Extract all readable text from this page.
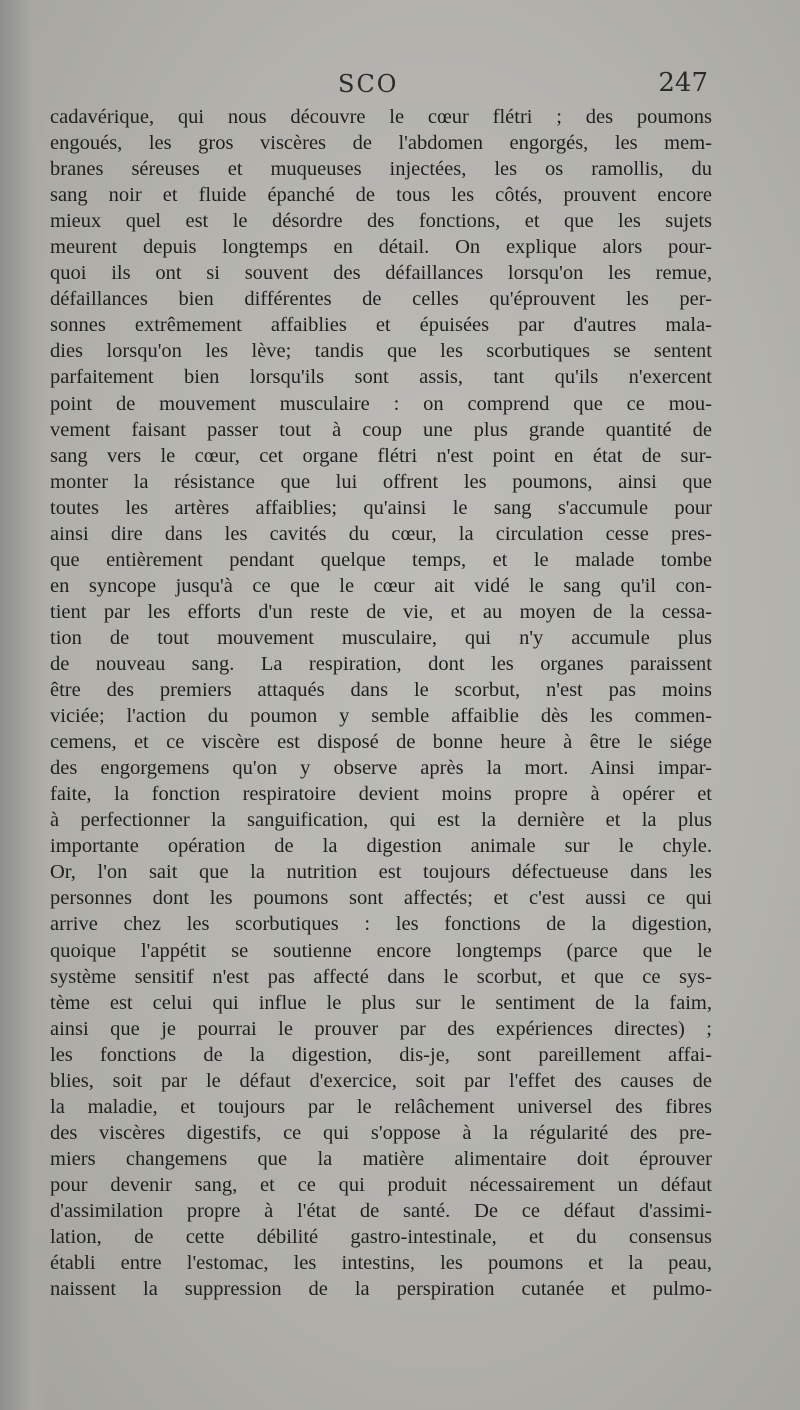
SCO	247
cadavérique, qui nous découvre le cœur flétri ; des poumons
engoués, les gros viscères de l'abdomen engorgés, les mem-
branes séreuses et muqueuses injectées, les os ramollis, du
sang noir et fluide épanché de tous les côtés, prouvent encore
mieux quel est le désordre des fonctions, et que les sujets
meurent depuis longtemps en détail. On explique alors pour-
quoi ils ont si souvent des défaillances lorsqu'on les remue,
défaillances bien différentes de celles qu'éprouvent les per-
sonnes extrêmement affaiblies et épuisées par d'autres mala-
dies lorsqu'on les lève; tandis que les scorbutiques se sentent
parfaitement bien lorsqu'ils sont assis, tant qu'ils n'exercent
point de mouvement musculaire : on comprend que ce mou-
vement faisant passer tout à coup une plus grande quantité de
sang vers le cœur, cet organe flétri n'est point en état de sur-
monter la résistance que lui offrent les poumons, ainsi que
toutes les artères affaiblies; qu'ainsi le sang s'accumule pour
ainsi dire dans les cavités du cœur, la circulation cesse pres-
que entièrement pendant quelque temps, et le malade tombe
en syncope jusqu'à ce que le cœur ait vidé le sang qu'il con-
tient par les efforts d'un reste de vie, et au moyen de la cessa-
tion de tout mouvement musculaire, qui n'y accumule plus
de nouveau sang. La respiration, dont les organes paraissent
être des premiers attaqués dans le scorbut, n'est pas moins
viciée; l'action du poumon y semble affaiblie dès les commen-
cemens, et ce viscère est disposé de bonne heure à être le siége
des engorgemens qu'on y observe après la mort. Ainsi impar-
faite, la fonction respiratoire devient moins propre à opérer et
à perfectionner la sanguification, qui est la dernière et la plus
importante opération de la digestion animale sur le chyle.
Or, l'on sait que la nutrition est toujours défectueuse dans les
personnes dont les poumons sont affectés; et c'est aussi ce qui
arrive chez les scorbutiques : les fonctions de la digestion,
quoique l'appétit se soutienne encore longtemps (parce que le
système sensitif n'est pas affecté dans le scorbut, et que ce sys-
tème est celui qui influe le plus sur le sentiment de la faim,
ainsi que je pourrai le prouver par des expériences directes) ;
les fonctions de la digestion, dis-je, sont pareillement affai-
blies, soit par le défaut d'exercice, soit par l'effet des causes de
la maladie, et toujours par le relâchement universel des fibres
des viscères digestifs, ce qui s'oppose à la régularité des pre-
miers changemens que la matière alimentaire doit éprouver
pour devenir sang, et ce qui produit nécessairement un défaut
d'assimilation propre à l'état de santé. De ce défaut d'assimi-
lation, de cette débilité gastro-intestinale, et du consensus
établi entre l'estomac, les intestins, les poumons et la peau,
naissent la suppression de la perspiration cutanée et pulmo-
